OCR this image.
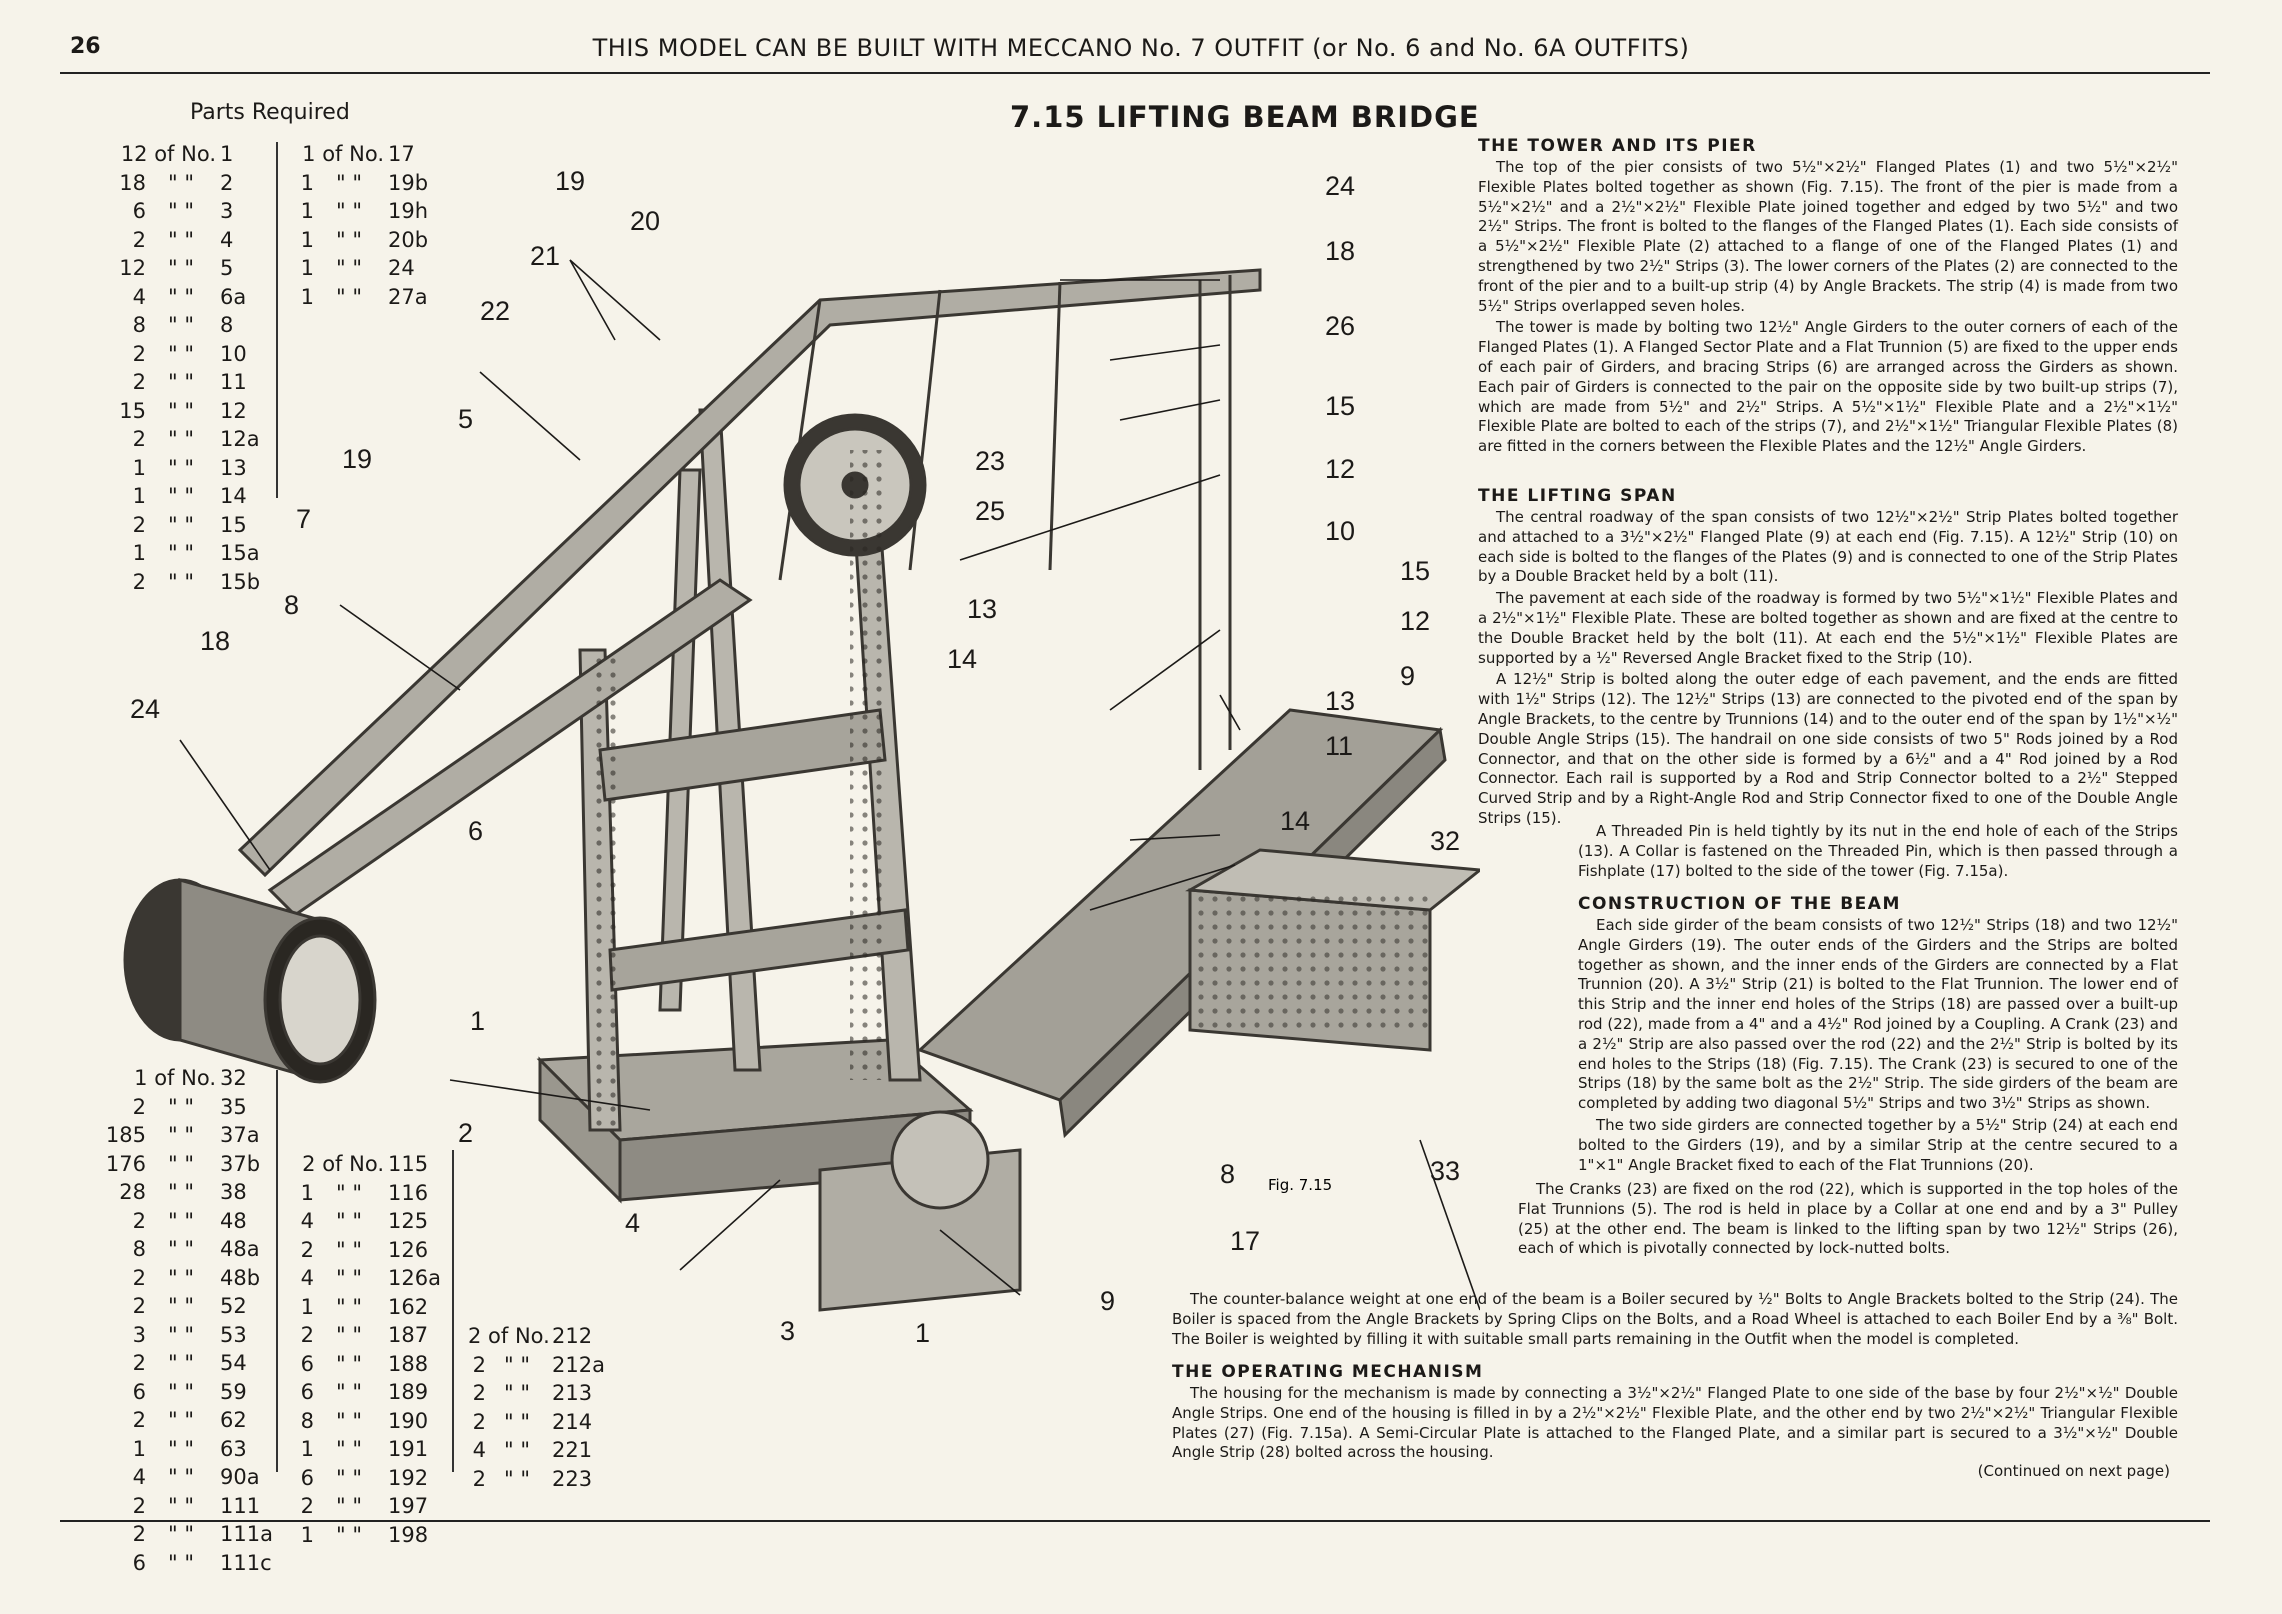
26	THIS MODEL CAN BE BUILT WITH MECCANO No. 7 OUTFIT (or No. 6 and No. 6A OUTFITS)
Parts Required
12 of No. 1
18	" "	2
6	" "	3
2	" "	4
12	" "	5
4	" "	6a
8	" "	8
2	" "	10
2	" "	11
15	" "	12
2	" "	12a
1	" "	13
1	" "	14
2	" "	15
1	" "	15a
2	" "	15b
1 of No. 17
1	" "	19b
1	" "	19h
1	" "	20b
1	" "	24
1	" "	27a
1 of No. 32
2	" "	35
185	" "	37a
176	" "	37b
28	" "	38
2	" "	48
8	" "	48a
2	" "	48b
2	" "	52
3	" "	53
2	" "	54
6	" "	59
2	" "	62
1	" "	63
4	" "	90a
2	" "	111
2	" "	111a
6	" "	111c
2 of No. 115
1	" "	116
4	" "	125
2	" "	126
4	" "	126a
1	" "	162
2	" "	187
6	" "	188
6	" "	189
8	" "	190
1	" "	191
6	" "	192
2	" "	197
1	" "	198
2 of No. 212
2 " "	212a
2 " "	213
2 " "	214
4 " "	221
2 " "	223
7.15 LIFTING BEAM BRIDGE
THE TOWER AND ITS PIER

The top of the pier consists of two 5½"×2½" Flanged Plates (1) and two 5½"×2½" Flexible Plates bolted together as shown (Fig. 7.15). The front of the pier is made from a 5½"×2½" and a 2½"×2½" Flexible Plate joined together and edged by two 5½" and two 2½" Strips. The front is bolted to the flanges of the Flanged Plates (1). Each side consists of a 5½"×2½" Flexible Plate (2) attached to a flange of one of the Flanged Plates (1) and strengthened by two 2½" Strips (3). The lower corners of the Plates (2) are connected to the front of the pier and to a built-up strip (4) by Angle Brackets. The strip (4) is made from two 5½" Strips overlapped seven holes.

The tower is made by bolting two 12½" Angle Girders to the outer corners of each of the Flanged Plates (1). A Flanged Sector Plate and a Flat Trunnion (5) are fixed to the upper ends of each pair of Girders, and bracing Strips (6) are arranged across the Girders as shown. Each pair of Girders is connected to the pair on the opposite side by two built-up strips (7), which are made from 5½" and 2½" Strips. A 5½"×1½" Flexible Plate and a 2½"×1½" Flexible Plate are bolted to each of the strips (7), and 2½"×1½" Triangular Flexible Plates (8) are fitted in the corners between the Flexible Plates and the 12½" Angle Girders.

THE LIFTING SPAN

The central roadway of the span consists of two 12½"×2½" Strip Plates bolted together and attached to a 3½"×2½" Flanged Plate (9) at each end (Fig. 7.15). A 12½" Strip (10) on each side is bolted to the flanges of the Plates (9) and is connected to one of the Strip Plates by a Double Bracket held by a bolt (11).

The pavement at each side of the roadway is formed by two 5½"×1½" Flexible Plates and a 2½"×1½" Flexible Plate. These are bolted together as shown and are fixed at the centre to the Double Bracket held by the bolt (11). At each end the 5½"×1½" Flexible Plates are supported by a ½" Reversed Angle Bracket fixed to the Strip (10).

A 12½" Strip is bolted along the outer edge of each pavement, and the ends are fitted with 1½" Strips (12). The 12½" Strips (13) are connected to the pivoted end of the span by Angle Brackets, to the centre by Trunnions (14) and to the outer end of the span by 1½"×½" Double Angle Strips (15). The handrail on one side consists of two 5" Rods joined by a Rod Connector, and that on the other side is formed by a 6½" and a 4" Rod joined by a Rod Connector. Each rail is supported by a Rod and Strip Connector bolted to a 2½" Stepped Curved Strip and by a Right-Angle Rod and Strip Connector fixed to one of the Double Angle Strips (15).

A Threaded Pin is held tightly by its nut in the end hole of each of the Strips (13). A Collar is fastened on the Threaded Pin, which is then passed through a Fishplate (17) bolted to the side of the tower (Fig. 7.15a).

CONSTRUCTION OF THE BEAM

Each side girder of the beam consists of two 12½" Strips (18) and two 12½" Angle Girders (19). The outer ends of the Girders and the Strips are bolted together as shown, and the inner ends of the Girders are connected by a Flat Trunnion (20). A 3½" Strip (21) is bolted to the Flat Trunnion. The lower end of this Strip and the inner end holes of the Strips (18) are passed over a built-up rod (22), made from a 4" and a 4½" Rod joined by a Coupling. A Crank (23) and a 2½" Strip are also passed over the rod (22) and the 2½" Strip is bolted by its end holes to the Strips (18) (Fig. 7.15). The Crank (23) is secured to one of the Strips (18) by the same bolt as the 2½" Strip. The side girders of the beam are completed by adding two diagonal 5½" Strips and two 3½" Strips as shown.

The two side girders are connected together by a 5½" Strip (24) at each end bolted to the Girders (19), and by a similar Strip at the centre secured to a 1"×1" Angle Bracket fixed to each of the Flat Trunnions (20).

The Cranks (23) are fixed on the rod (22), which is supported in the top holes of the Flat Trunnions (5). The rod is held in place by a Collar at one end and by a 3" Pulley (25) at the other end. The beam is linked to the lifting span by two 12½" Strips (26), each of which is pivotally connected by lock-nutted bolts.

The counter-balance weight at one end of the beam is a Boiler secured by ½" Bolts to Angle Brackets bolted to the Strip (24). The Boiler is spaced from the Angle Brackets by Spring Clips on the Bolts, and a Road Wheel is attached to each Boiler End by a ⅜" Bolt. The Boiler is weighted by filling it with suitable small parts remaining in the Outfit when the model is completed.

THE OPERATING MECHANISM

The housing for the mechanism is made by connecting a 3½"×2½" Flanged Plate to one side of the base by four 2½"×½" Double Angle Strips. One end of the housing is filled in by a 2½"×2½" Flexible Plate, and the other end by two 2½"×2½" Triangular Flexible Plates (27) (Fig. 7.15a). A Semi-Circular Plate is attached to the Flanged Plate, and a similar part is secured to a 3½"×½" Double Angle Strip (28) bolted across the housing.

(Continued on next page)
19
20
21
24
18
26
15
12
10
15
12
9
13
11
14
32
33
22
5
19
7
8
18
24
23
25
13
14
6
1
2
4
3	1
9
17
8 Fig. 7.15
